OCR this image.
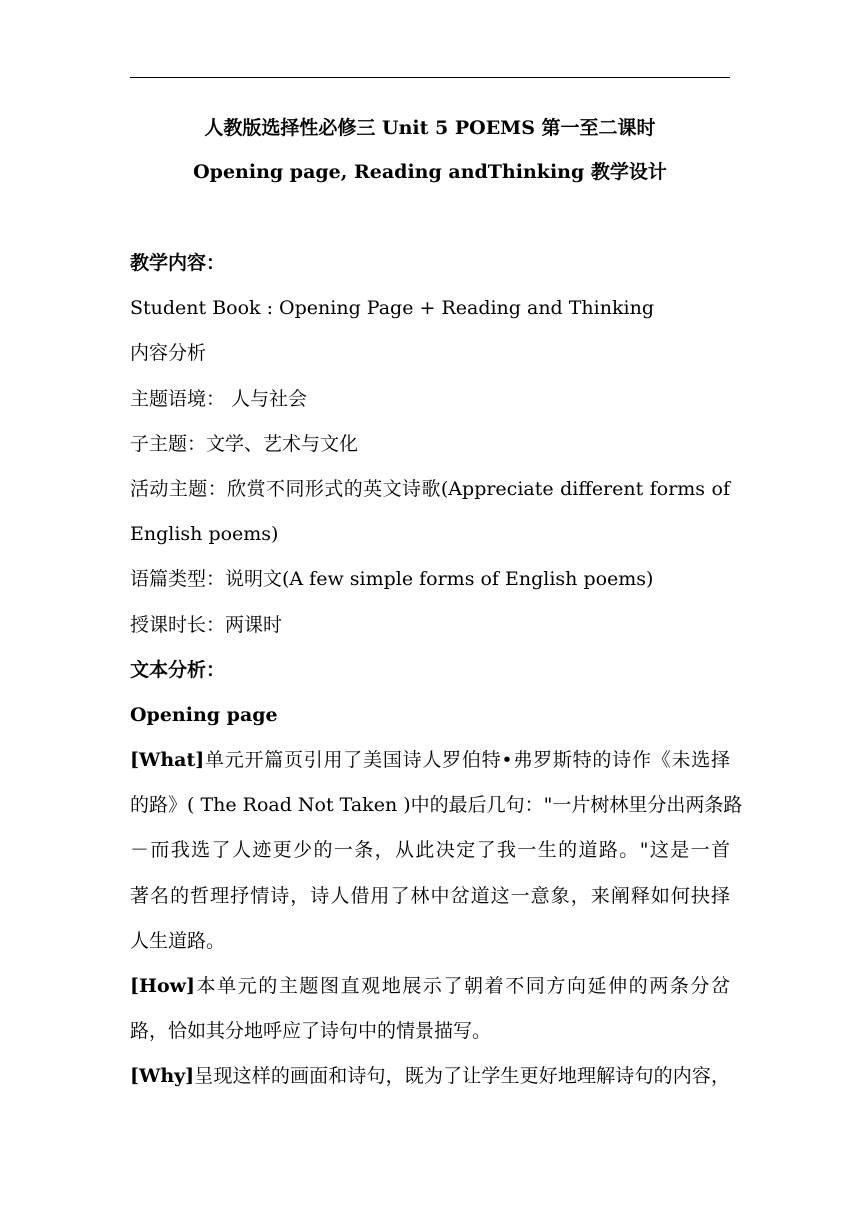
人教版选择性必修三 Unit 5 POEMS 第一至二课时
Opening page, Reading andThinking 教学设计
教学内容：
Student Book : Opening Page + Reading and Thinking
内容分析
主题语境： 人与社会
子主题：文学、艺术与文化
活动主题：欣赏不同形式的英文诗歌(Appreciate different forms of
English poems)
语篇类型：说明文(A few simple forms of English poems)
授课时长：两课时
文本分析：
Opening page
[What]单元开篇页引用了美国诗人罗伯特•弗罗斯特的诗作《未选择
的路》( The Road Not Taken )中的最后几句："一片树林里分出两条路
－而我选了人迹更少的一条，从此决定了我一生的道路。"这是一首
著名的哲理抒情诗，诗人借用了林中岔道这一意象，来阐释如何抉择
人生道路。
[How]本单元的主题图直观地展示了朝着不同方向延伸的两条分岔
路，恰如其分地呼应了诗句中的情景描写。
[Why]呈现这样的画面和诗句，既为了让学生更好地理解诗句的内容，
